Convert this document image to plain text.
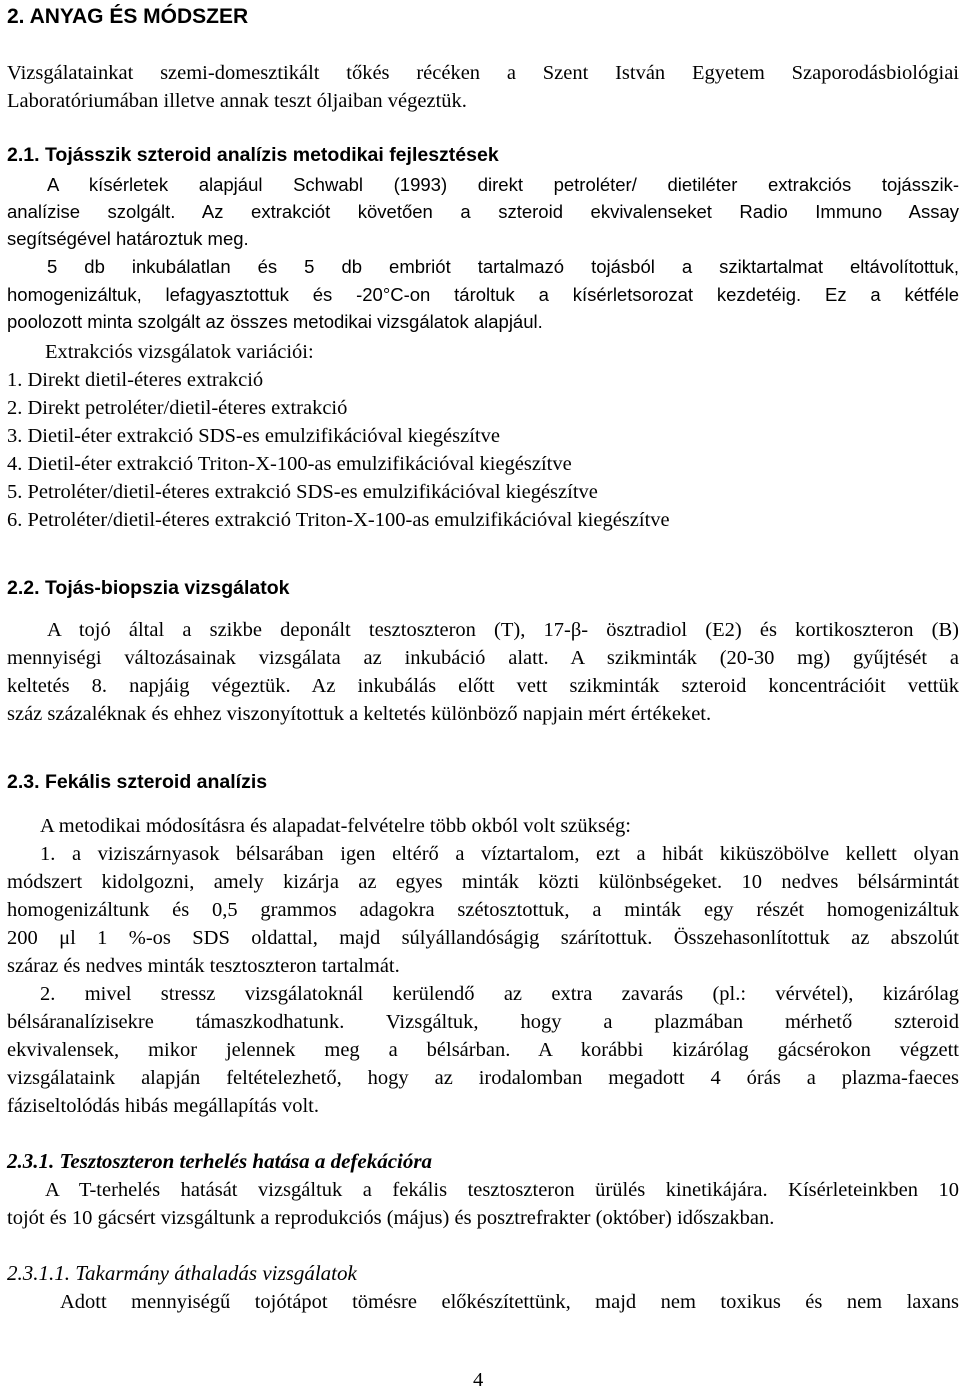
2. ANYAG ÉS MÓDSZER
Vizsgálatainkat szemi-domesztikált tőkés récéken a Szent István Egyetem Szaporodásbiológiai
Laboratóriumában illetve annak teszt óljaiban végeztük.
2.1. Tojásszik szteroid analízis metodikai fejlesztések
A kísérletek alapjául Schwabl (1993) direkt petroléter/ dietiléter extrakciós tojásszik-
analízise szolgált. Az extrakciót követően a szteroid ekvivalenseket Radio Immuno Assay
segítségével határoztuk meg.
5 db inkubálatlan és 5 db embriót tartalmazó tojásból a sziktartalmat eltávolítottuk,
homogenizáltuk, lefagyasztottuk és -20°C-on tároltuk a kísérletsorozat kezdetéig. Ez a kétféle
poolozott minta szolgált az összes metodikai vizsgálatok alapjául.
Extrakciós vizsgálatok variációi:
1. Direkt dietil-éteres extrakció
2. Direkt petroléter/dietil-éteres extrakció
3. Dietil-éter extrakció SDS-es emulzifikációval kiegészítve
4. Dietil-éter extrakció Triton-X-100-as emulzifikációval kiegészítve
5. Petroléter/dietil-éteres extrakció SDS-es emulzifikációval kiegészítve
6. Petroléter/dietil-éteres extrakció Triton-X-100-as emulzifikációval kiegészítve
2.2. Tojás-biopszia vizsgálatok
A tojó által a szikbe deponált tesztoszteron (T), 17-β- ösztradiol (E2) és kortikoszteron (B)
mennyiségi változásainak vizsgálata az inkubáció alatt. A szikminták (20-30 mg) gyűjtését a
keltetés 8. napjáig végeztük. Az inkubálás előtt vett szikminták szteroid koncentrációit vettük
száz százaléknak és ehhez viszonyítottuk a keltetés különböző napjain mért értékeket.
2.3. Fekális szteroid analízis
A metodikai módosításra és alapadat-felvételre több okból volt szükség:
1. a viziszárnyasok bélsarában igen eltérő a víztartalom, ezt a hibát kiküszöbölve kellett olyan
módszert kidolgozni, amely kizárja az egyes minták közti különbségeket. 10 nedves bélsármintát
homogenizáltunk és 0,5 grammos adagokra szétosztottuk, a minták egy részét homogenizáltuk
200 μl 1 %-os SDS oldattal, majd súlyállandóságig szárítottuk. Összehasonlítottuk az abszolút
száraz és nedves minták tesztoszteron tartalmát.
2. mivel stressz vizsgálatoknál kerülendő az extra zavarás (pl.: vérvétel), kizárólag
bélsáranalízisekre támaszkodhatunk. Vizsgáltuk, hogy a plazmában mérhető szteroid
ekvivalensek, mikor jelennek meg a bélsárban. A korábbi kizárólag gácsérokon végzett
vizsgálataink alapján feltételezhető, hogy az irodalomban megadott 4 órás a plazma-faeces
fáziseltolódás hibás megállapítás volt.
2.3.1. Tesztoszteron terhelés hatása a defekációra
A T-terhelés hatását vizsgáltuk a fekális tesztoszteron ürülés kinetikájára. Kísérleteinkben 10
tojót és 10 gácsért vizsgáltunk a reprodukciós (május) és posztrefrakter (október) időszakban.
2.3.1.1. Takarmány áthaladás vizsgálatok
Adott mennyiségű tojótápot tömésre előkészítettünk, majd nem toxikus és nem laxans
4
